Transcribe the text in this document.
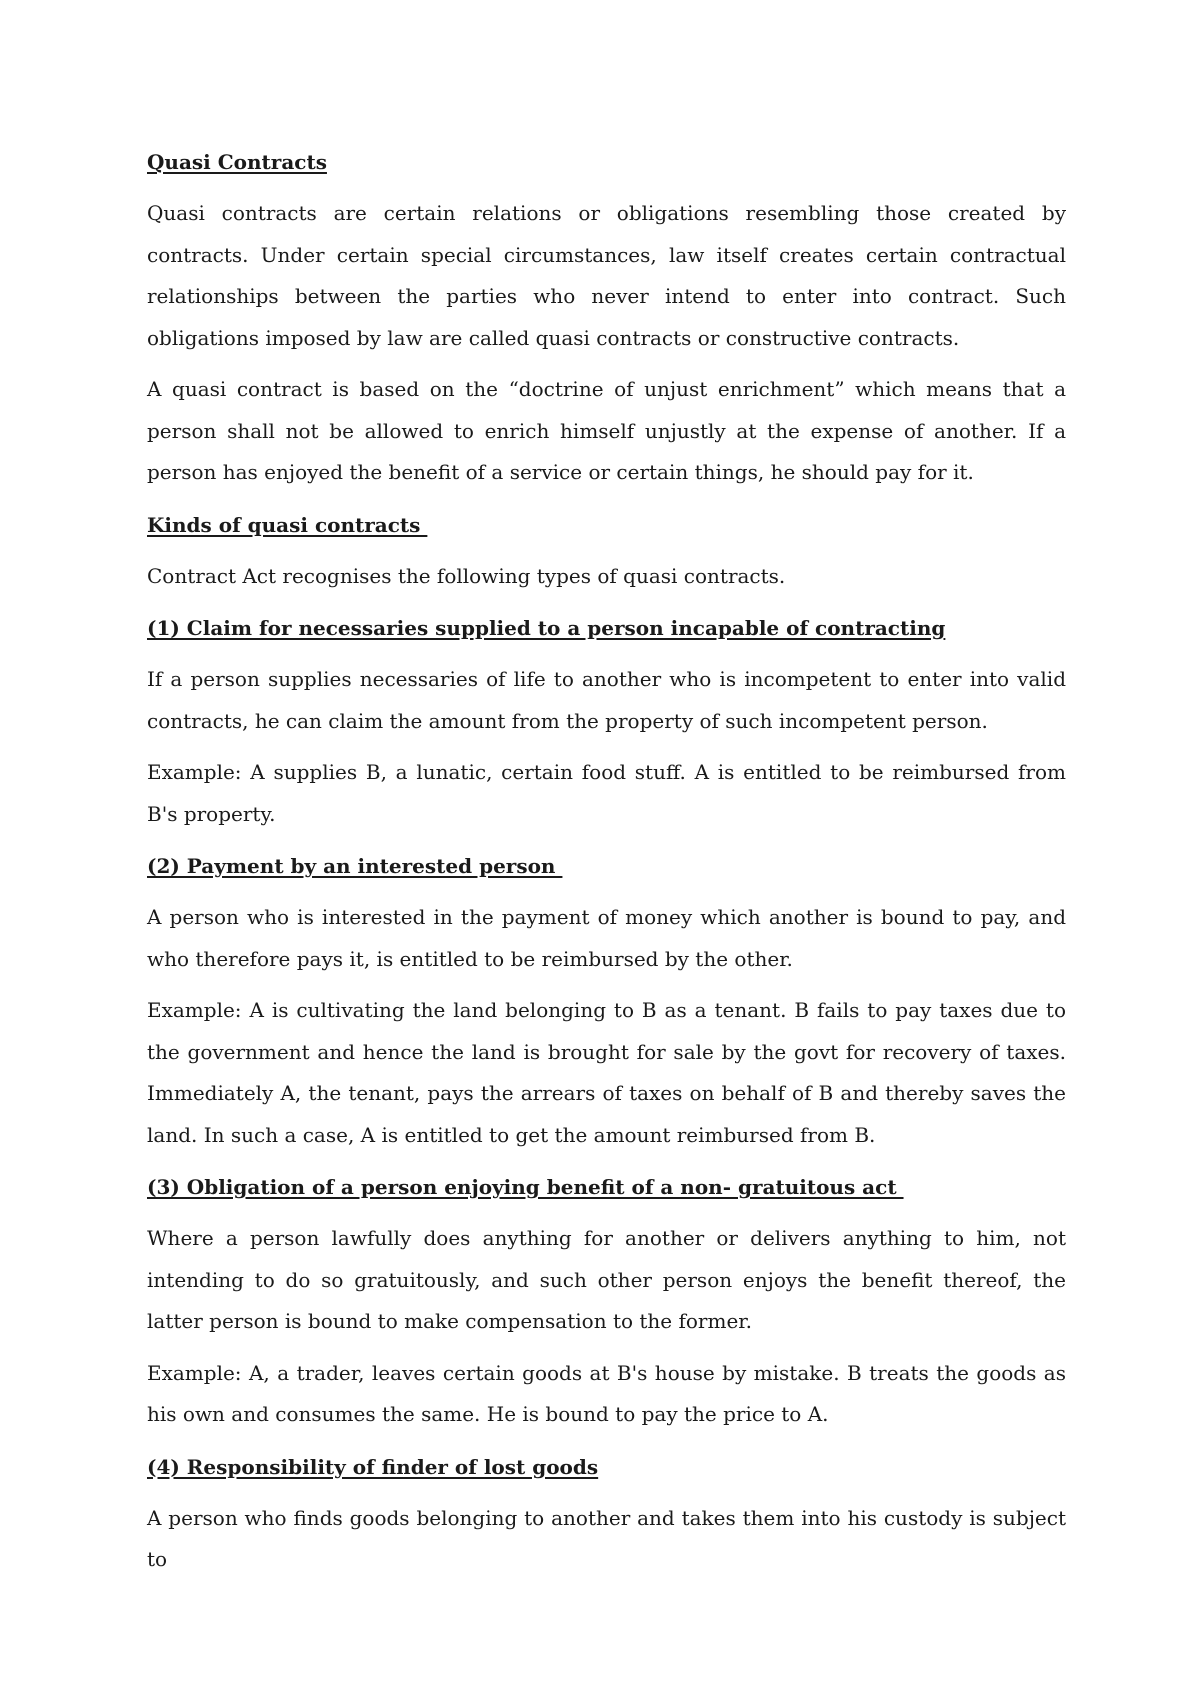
Quasi Contracts
Quasi contracts are certain relations or obligations resembling those created by contracts. Under certain special circumstances, law itself creates certain contractual relationships between the parties who never intend to enter into contract. Such obligations imposed by law are called quasi contracts or constructive contracts.
A quasi contract is based on the “doctrine of unjust enrichment” which means that a person shall not be allowed to enrich himself unjustly at the expense of another. If a person has enjoyed the benefit of a service or certain things, he should pay for it.
Kinds of quasi contracts
Contract Act recognises the following types of quasi contracts.
(1) Claim for necessaries supplied to a person incapable of contracting
If a person supplies necessaries of life to another who is incompetent to enter into valid contracts, he can claim the amount from the property of such incompetent person.
Example: A supplies B, a lunatic, certain food stuff. A is entitled to be reimbursed from B's property.
(2) Payment by an interested person
A person who is interested in the payment of money which another is bound to pay, and who therefore pays it, is entitled to be reimbursed by the other.
Example: A is cultivating the land belonging to B as a tenant. B fails to pay taxes due to the government and hence the land is brought for sale by the govt for recovery of taxes. Immediately A, the tenant, pays the arrears of taxes on behalf of B and thereby saves the land. In such a case, A is entitled to get the amount reimbursed from B.
(3) Obligation of a person enjoying benefit of a non- gratuitous act
Where a person lawfully does anything for another or delivers anything to him, not intending to do so gratuitously, and such other person enjoys the benefit thereof, the latter person is bound to make compensation to the former.
Example: A, a trader, leaves certain goods at B's house by mistake. B treats the goods as his own and consumes the same. He is bound to pay the price to A.
(4) Responsibility of finder of lost goods
A person who finds goods belonging to another and takes them into his custody is subject to
